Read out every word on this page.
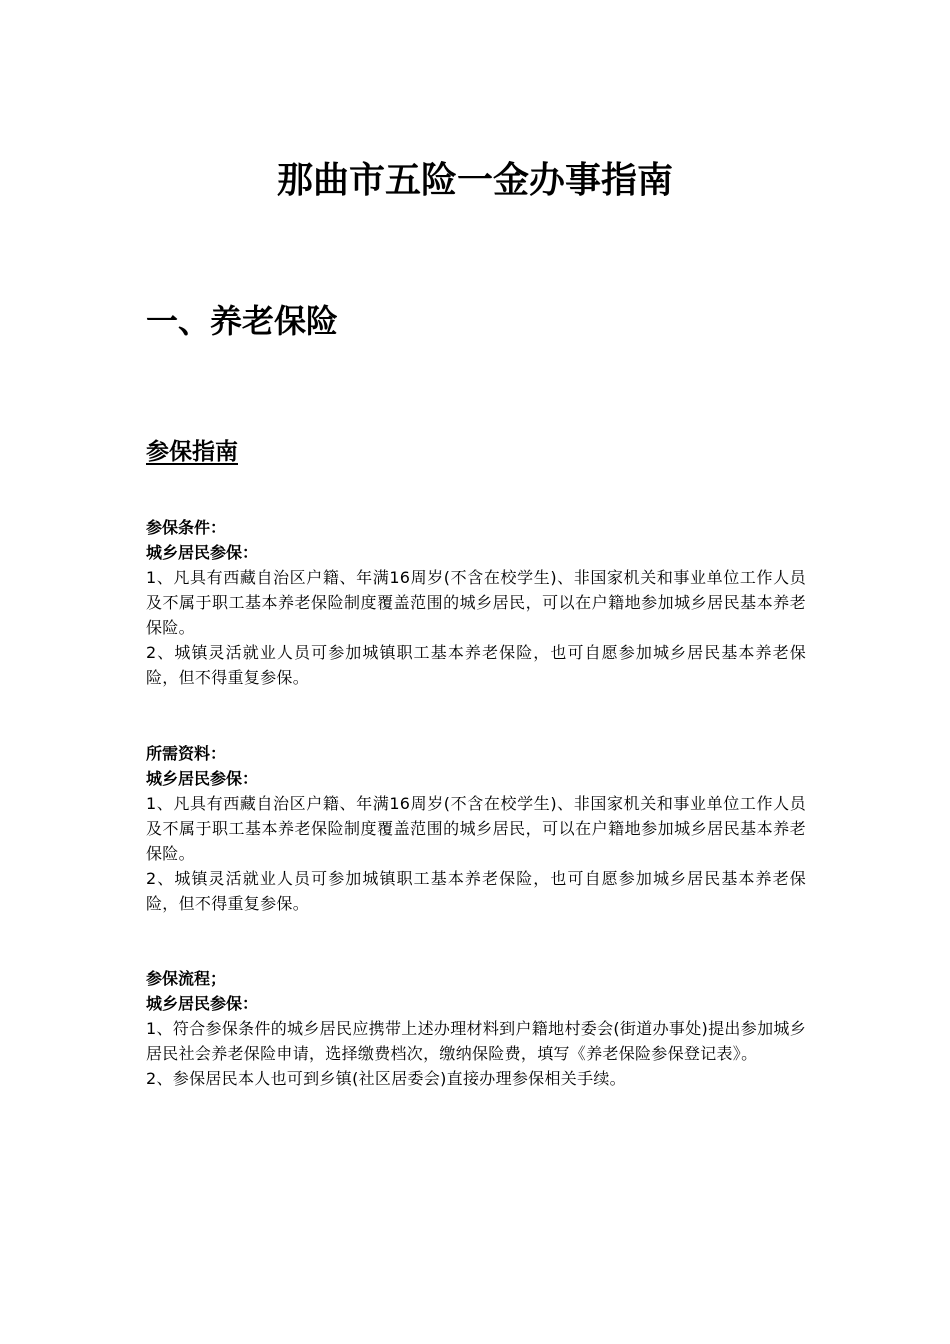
那曲市五险一金办事指南
一、养老保险
参保指南

参保条件：

城乡居民参保：

1、凡具有西藏自治区户籍、年满16周岁(不含在校学生)、非国家机关和事业单位工作人员及不属于职工基本养老保险制度覆盖范围的城乡居民，可以在户籍地参加城乡居民基本养老保险。

2、城镇灵活就业人员可参加城镇职工基本养老保险，也可自愿参加城乡居民基本养老保险，但不得重复参保。

所需资料：

城乡居民参保：

1、凡具有西藏自治区户籍、年满16周岁(不含在校学生)、非国家机关和事业单位工作人员及不属于职工基本养老保险制度覆盖范围的城乡居民，可以在户籍地参加城乡居民基本养老保险。

2、城镇灵活就业人员可参加城镇职工基本养老保险，也可自愿参加城乡居民基本养老保险，但不得重复参保。

参保流程；

城乡居民参保：

1、符合参保条件的城乡居民应携带上述办理材料到户籍地村委会(街道办事处)提出参加城乡居民社会养老保险申请，选择缴费档次，缴纳保险费，填写《养老保险参保登记表》。

2、参保居民本人也可到乡镇(社区居委会)直接办理参保相关手续。
